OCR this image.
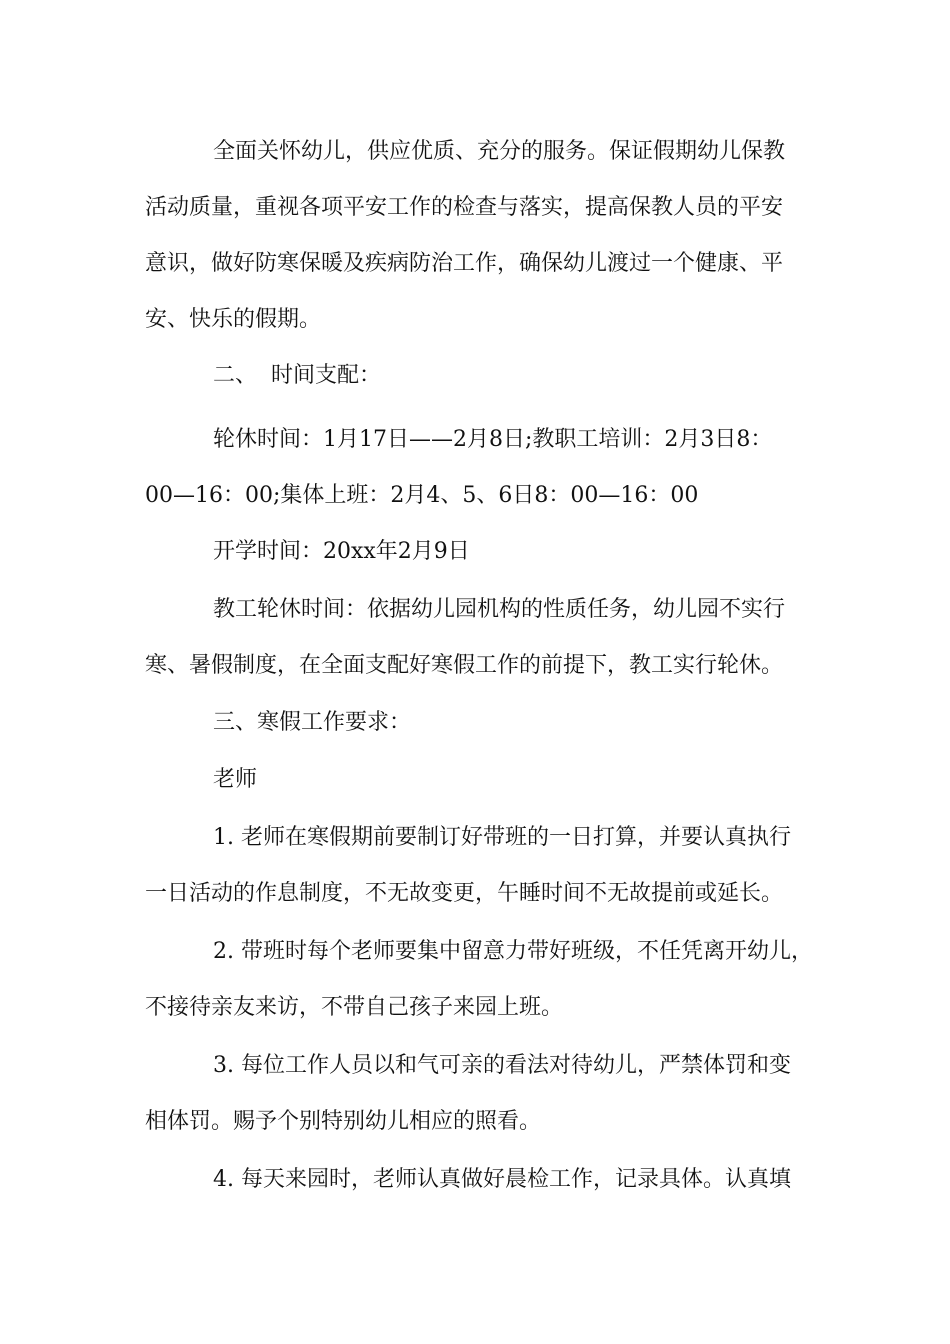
全面关怀幼儿，供应优质、充分的服务。保证假期幼儿保教
活动质量，重视各项平安工作的检查与落实，提高保教人员的平安
意识，做好防寒保暖及疾病防治工作，确保幼儿渡过一个健康、平
安、快乐的假期。
二、  时间支配：
轮休时间：1月17日——2月8日;教职工培训：2月3日8：
00—16：00;集体上班：2月4、5、6日8：00—16：00
开学时间：20xx年2月9日
教工轮休时间：依据幼儿园机构的性质任务，幼儿园不实行
寒、暑假制度，在全面支配好寒假工作的前提下，教工实行轮休。
三、寒假工作要求：
老师
1. 老师在寒假期前要制订好带班的一日打算，并要认真执行
一日活动的作息制度，不无故变更，午睡时间不无故提前或延长。
2. 带班时每个老师要集中留意力带好班级，不任凭离开幼儿，
不接待亲友来访，不带自己孩子来园上班。
3. 每位工作人员以和气可亲的看法对待幼儿，严禁体罚和变
相体罚。赐予个别特别幼儿相应的照看。
4. 每天来园时，老师认真做好晨检工作，记录具体。认真填
